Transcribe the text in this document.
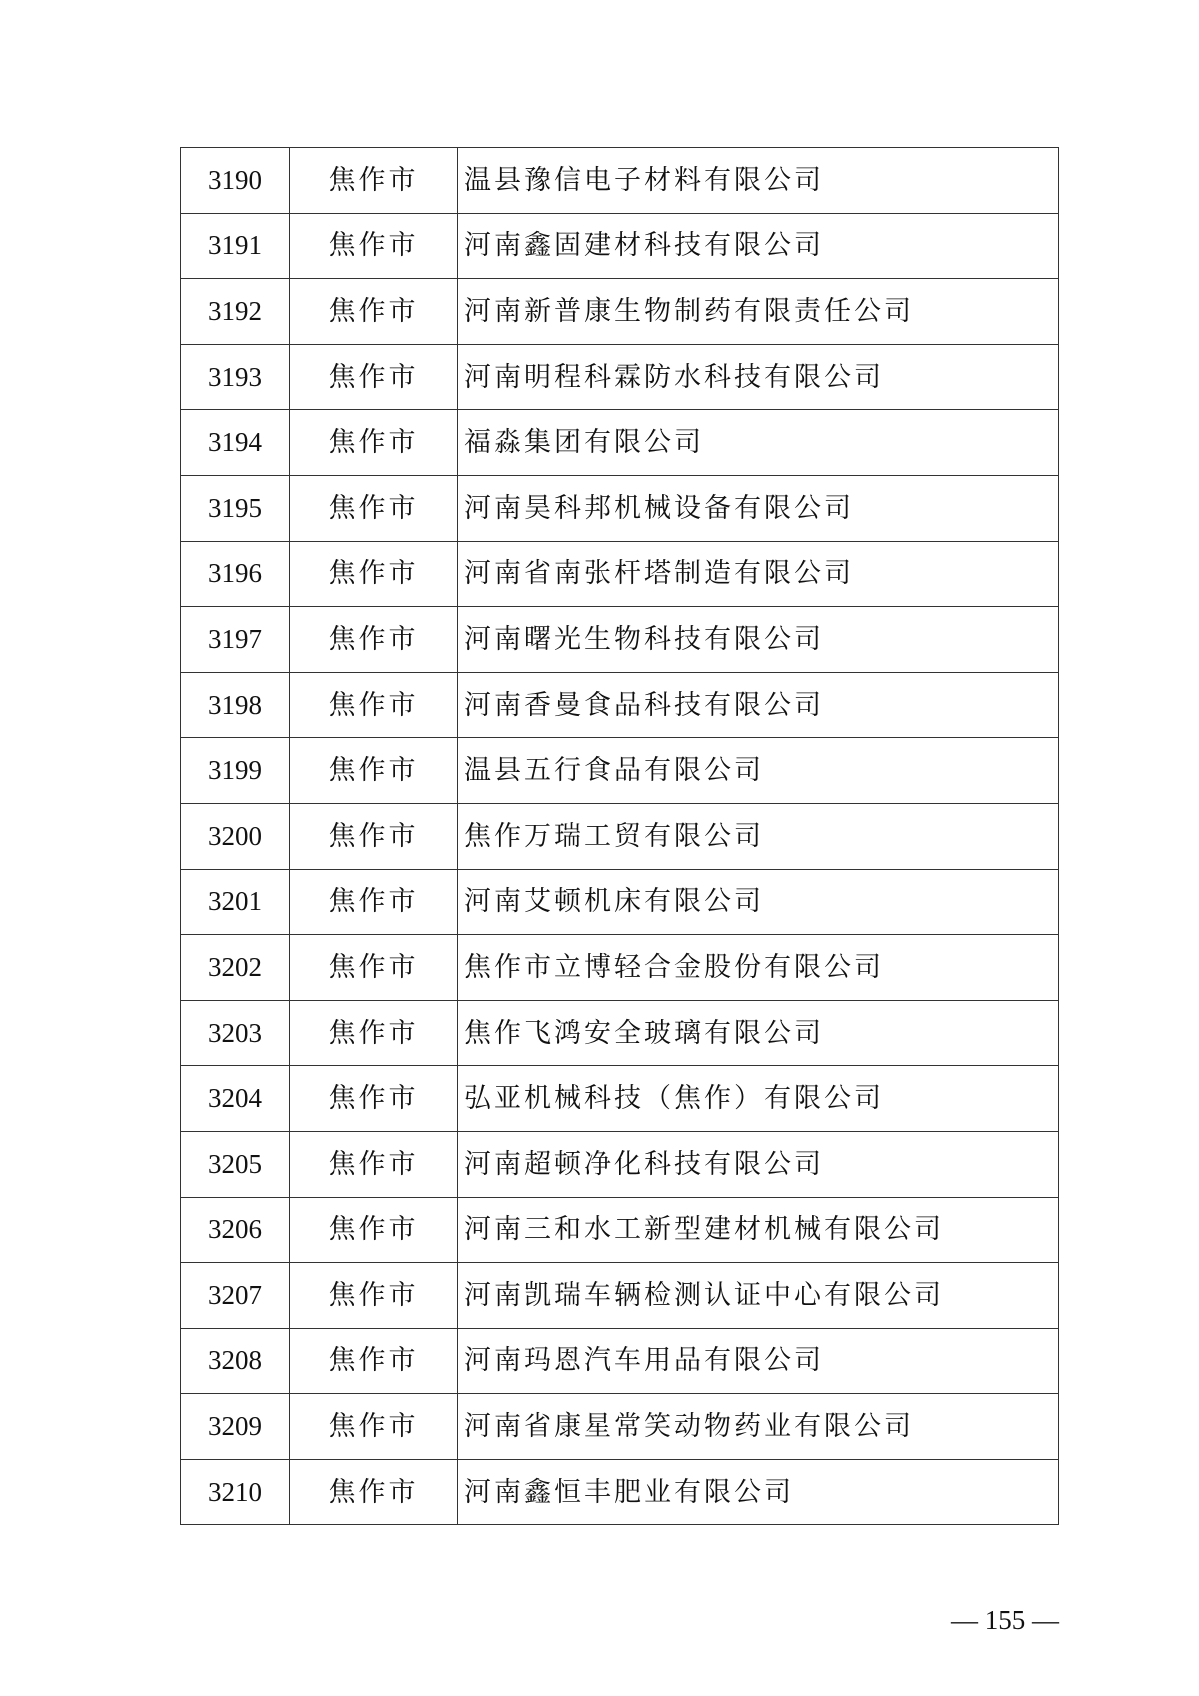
3190	焦作市	温县豫信电子材料有限公司
3191	焦作市	河南鑫固建材科技有限公司
3192	焦作市	河南新普康生物制药有限责任公司
3193	焦作市	河南明程科霖防水科技有限公司
3194	焦作市	福淼集团有限公司
3195	焦作市	河南昊科邦机械设备有限公司
3196	焦作市	河南省南张杆塔制造有限公司
3197	焦作市	河南曙光生物科技有限公司
3198	焦作市	河南香曼食品科技有限公司
3199	焦作市	温县五行食品有限公司
3200	焦作市	焦作万瑞工贸有限公司
3201	焦作市	河南艾顿机床有限公司
3202	焦作市	焦作市立博轻合金股份有限公司
3203	焦作市	焦作飞鸿安全玻璃有限公司
3204	焦作市	弘亚机械科技（焦作）有限公司
3205	焦作市	河南超顿净化科技有限公司
3206	焦作市	河南三和水工新型建材机械有限公司
3207	焦作市	河南凯瑞车辆检测认证中心有限公司
3208	焦作市	河南玛恩汽车用品有限公司
3209	焦作市	河南省康星常笑动物药业有限公司
3210	焦作市	河南鑫恒丰肥业有限公司
— 155 —
